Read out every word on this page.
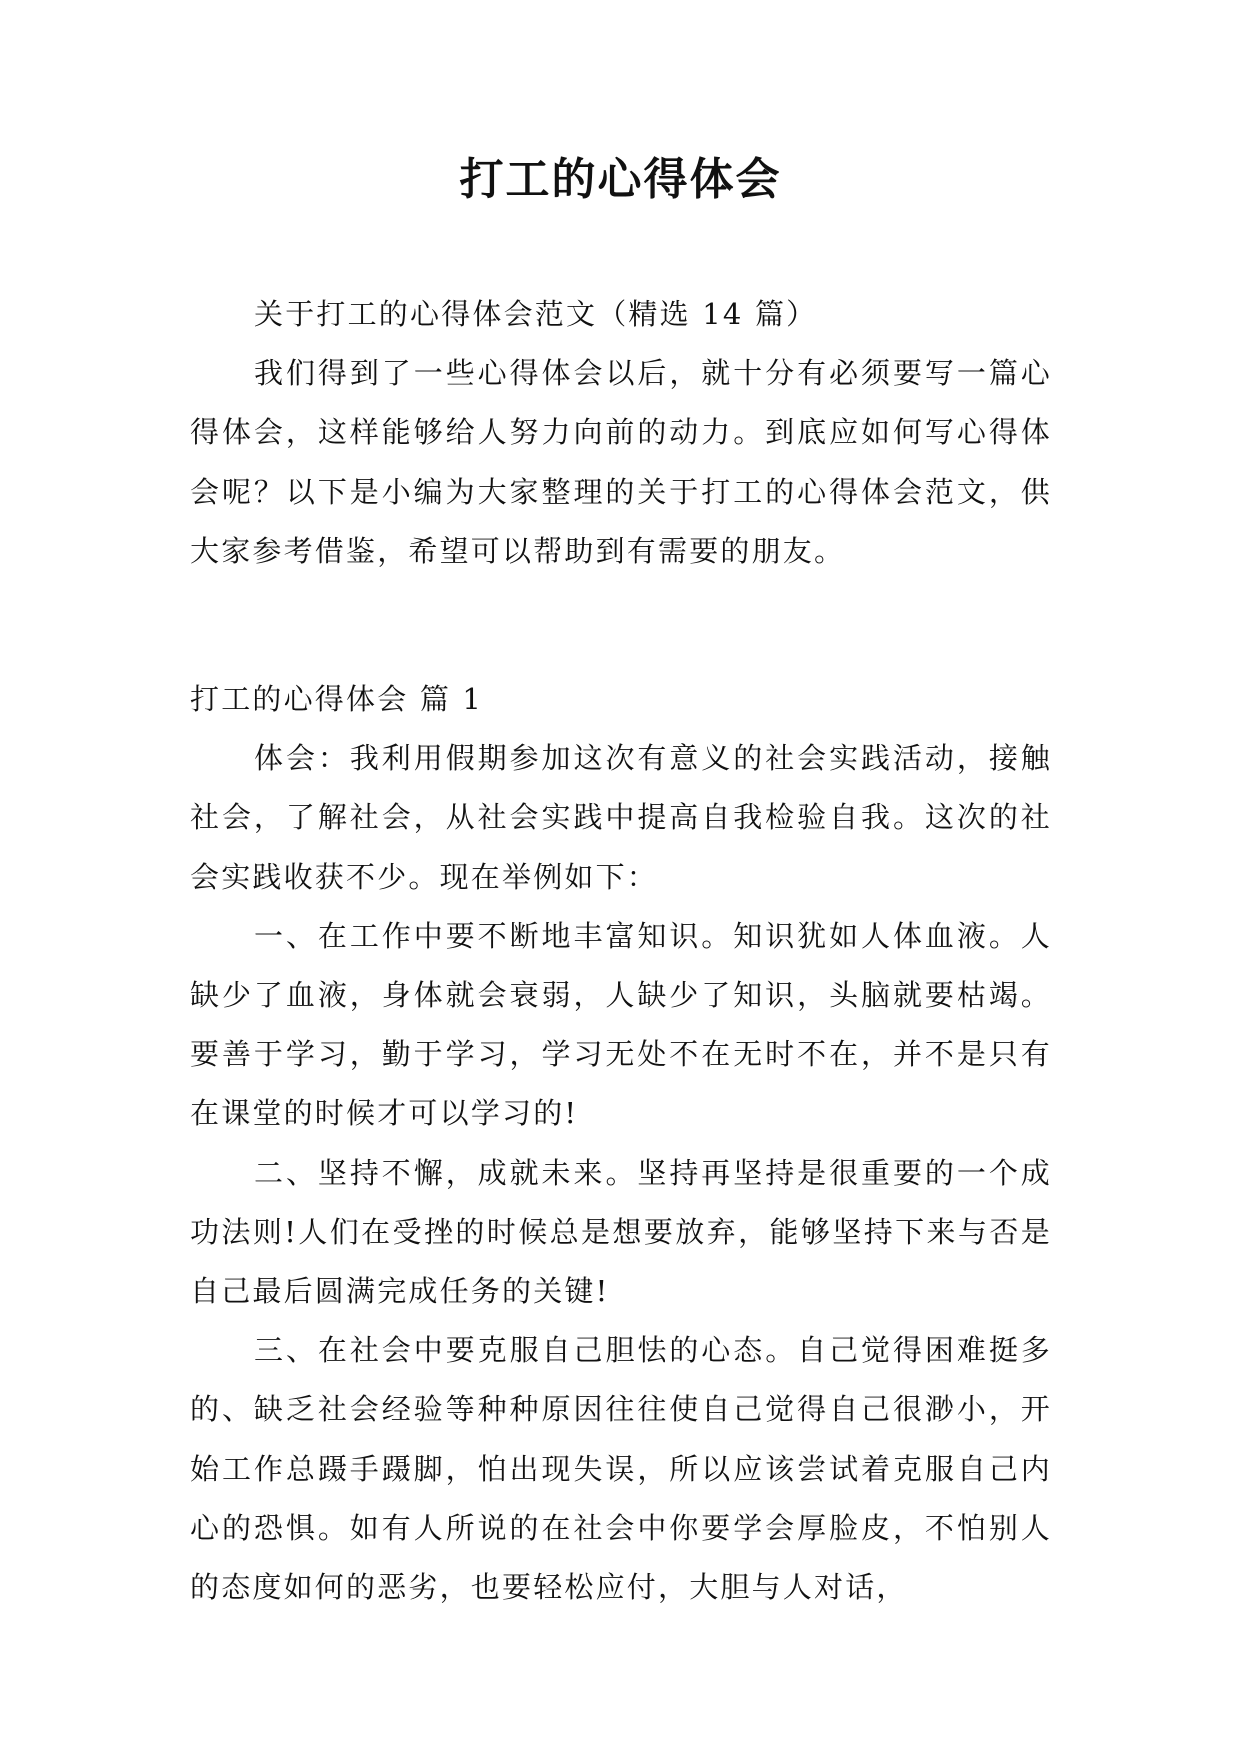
打工的心得体会

关于打工的心得体会范文（精选 14 篇）

我们得到了一些心得体会以后，就十分有必须要写一篇心得体会，这样能够给人努力向前的动力。到底应如何写心得体会呢？以下是小编为大家整理的关于打工的心得体会范文，供大家参考借鉴，希望可以帮助到有需要的朋友。

打工的心得体会 篇 1

体会：我利用假期参加这次有意义的社会实践活动，接触社会，了解社会，从社会实践中提高自我检验自我。这次的社会实践收获不少。现在举例如下：

一、在工作中要不断地丰富知识。知识犹如人体血液。人缺少了血液，身体就会衰弱，人缺少了知识，头脑就要枯竭。要善于学习，勤于学习，学习无处不在无时不在，并不是只有在课堂的时候才可以学习的!

二、坚持不懈，成就未来。坚持再坚持是很重要的一个成功法则!人们在受挫的时候总是想要放弃，能够坚持下来与否是自己最后圆满完成任务的关键!

三、在社会中要克服自己胆怯的心态。自己觉得困难挺多的、缺乏社会经验等种种原因往往使自己觉得自己很渺小，开始工作总蹑手蹑脚，怕出现失误，所以应该尝试着克服自己内心的恐惧。如有人所说的在社会中你要学会厚脸皮，不怕别人的态度如何的恶劣，也要轻松应付，大胆与人对话，
